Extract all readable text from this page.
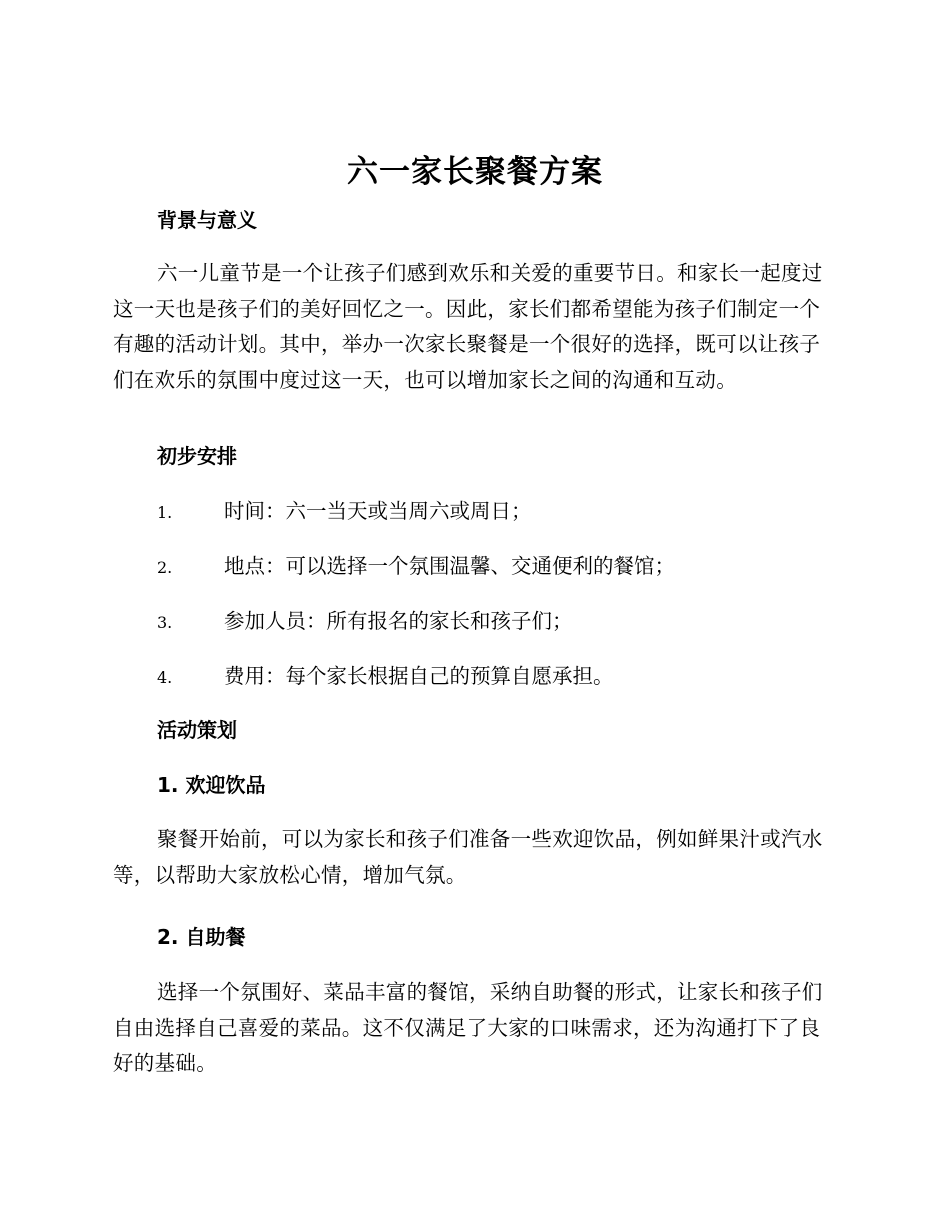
六一家长聚餐方案
背景与意义

六一儿童节是一个让孩子们感到欢乐和关爱的重要节日。和家长一起度过这一天也是孩子们的美好回忆之一。因此，家长们都希望能为孩子们制定一个有趣的活动计划。其中，举办一次家长聚餐是一个很好的选择，既可以让孩子们在欢乐的氛围中度过这一天，也可以增加家长之间的沟通和互动。

初步安排
1.	时间：六一当天或当周六或周日；
2.	地点：可以选择一个氛围温馨、交通便利的餐馆；
3.	参加人员：所有报名的家长和孩子们；
4.	费用：每个家长根据自己的预算自愿承担。
活动策划
1. 欢迎饮品

聚餐开始前，可以为家长和孩子们准备一些欢迎饮品，例如鲜果汁或汽水等，以帮助大家放松心情，增加气氛。

2. 自助餐

选择一个氛围好、菜品丰富的餐馆，采纳自助餐的形式，让家长和孩子们自由选择自己喜爱的菜品。这不仅满足了大家的口味需求，还为沟通打下了良好的基础。
